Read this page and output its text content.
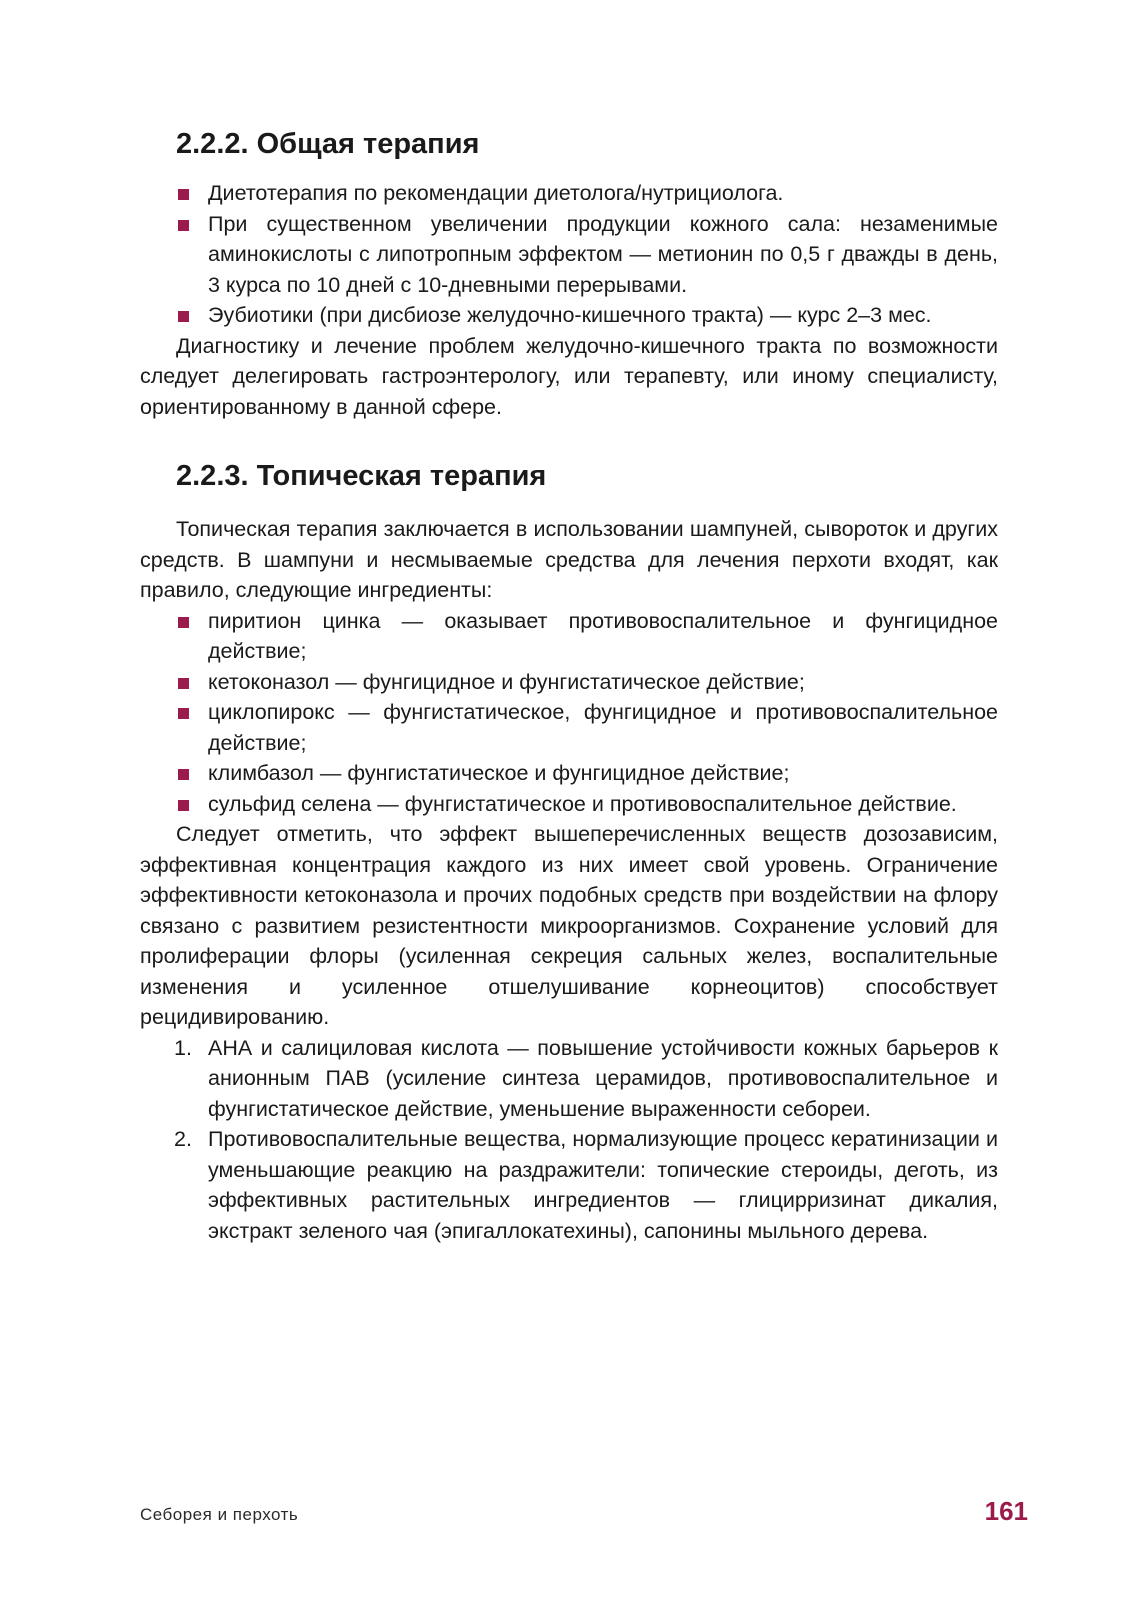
2.2.2. Общая терапия
Диетотерапия по рекомендации диетолога/нутрициолога.
При существенном увеличении продукции кожного сала: незаменимые аминокислоты с липотропным эффектом — метионин по 0,5 г дважды в день, 3 курса по 10 дней с 10-дневными перерывами.
Эубиотики (при дисбиозе желудочно-кишечного тракта) — курс 2–3 мес.

Диагностику и лечение проблем желудочно-кишечного тракта по возможности следует делегировать гастроэнтерологу, или терапевту, или иному специалисту, ориентированному в данной сфере.

2.2.3. Топическая терапия

Топическая терапия заключается в использовании шампуней, сывороток и других средств. В шампуни и несмываемые средства для лечения перхоти входят, как правило, следующие ингредиенты:

пиритион цинка — оказывает противовоспалительное и фунгицидное действие;
кетоконазол — фунгицидное и фунгистатическое действие;
циклопирокс — фунгистатическое, фунгицидное и противовоспалительное действие;
климбазол — фунгистатическое и фунгицидное действие;
сульфид селена — фунгистатическое и противовоспалительное действие.

Следует отметить, что эффект вышеперечисленных веществ дозозависим, эффективная концентрация каждого из них имеет свой уровень. Ограничение эффективности кетоконазола и прочих подобных средств при воздействии на флору связано с развитием резистентности микроорганизмов. Сохранение условий для пролиферации флоры (усиленная секреция сальных желез, воспалительные изменения и усиленное отшелушивание корнеоцитов) способствует рецидивированию.

1. АНА и салициловая кислота — повышение устойчивости кожных барьеров к анионным ПАВ (усиление синтеза церамидов, противовоспалительное и фунгистатическое действие, уменьшение выраженности себореи.
2. Противовоспалительные вещества, нормализующие процесс кератинизации и уменьшающие реакцию на раздражители: топические стероиды, деготь, из эффективных растительных ингредиентов — глицирризинат дикалия, экстракт зеленого чая (эпигаллокатехины), сапонины мыльного дерева.
Себорея и перхоть	161
